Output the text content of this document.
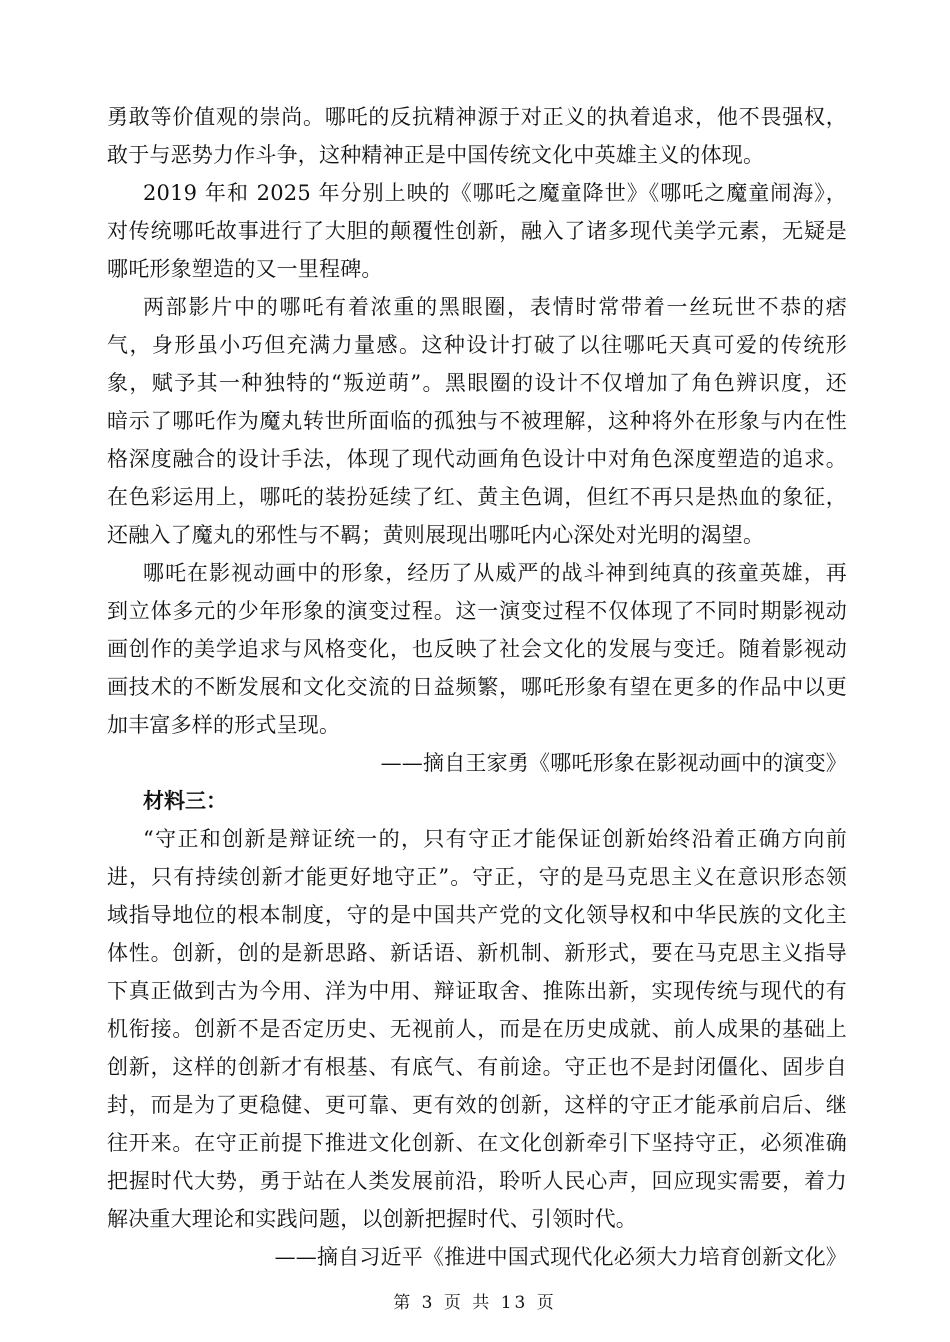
勇敢等价值观的崇尚。哪吒的反抗精神源于对正义的执着追求，他不畏强权，
敢于与恶势力作斗争，这种精神正是中国传统文化中英雄主义的体现。
2019 年和 2025 年分别上映的《哪吒之魔童降世》《哪吒之魔童闹海》，
对传统哪吒故事进行了大胆的颠覆性创新，融入了诸多现代美学元素，无疑是
哪吒形象塑造的又一里程碑。
两部影片中的哪吒有着浓重的黑眼圈，表情时常带着一丝玩世不恭的痞
气，身形虽小巧但充满力量感。这种设计打破了以往哪吒天真可爱的传统形
象，赋予其一种独特的“叛逆萌”。黑眼圈的设计不仅增加了角色辨识度，还
暗示了哪吒作为魔丸转世所面临的孤独与不被理解，这种将外在形象与内在性
格深度融合的设计手法，体现了现代动画角色设计中对角色深度塑造的追求。
在色彩运用上，哪吒的装扮延续了红、黄主色调，但红不再只是热血的象征，
还融入了魔丸的邪性与不羁；黄则展现出哪吒内心深处对光明的渴望。
哪吒在影视动画中的形象，经历了从威严的战斗神到纯真的孩童英雄，再
到立体多元的少年形象的演变过程。这一演变过程不仅体现了不同时期影视动
画创作的美学追求与风格变化，也反映了社会文化的发展与变迁。随着影视动
画技术的不断发展和文化交流的日益频繁，哪吒形象有望在更多的作品中以更
加丰富多样的形式呈现。
——摘自王家勇《哪吒形象在影视动画中的演变》
材料三：
“守正和创新是辩证统一的，只有守正才能保证创新始终沿着正确方向前
进，只有持续创新才能更好地守正”。守正，守的是马克思主义在意识形态领
域指导地位的根本制度，守的是中国共产党的文化领导权和中华民族的文化主
体性。创新，创的是新思路、新话语、新机制、新形式，要在马克思主义指导
下真正做到古为今用、洋为中用、辩证取舍、推陈出新，实现传统与现代的有
机衔接。创新不是否定历史、无视前人，而是在历史成就、前人成果的基础上
创新，这样的创新才有根基、有底气、有前途。守正也不是封闭僵化、固步自
封，而是为了更稳健、更可靠、更有效的创新，这样的守正才能承前启后、继
往开来。在守正前提下推进文化创新、在文化创新牵引下坚持守正，必须准确
把握时代大势，勇于站在人类发展前沿，聆听人民心声，回应现实需要，着力
解决重大理论和实践问题，以创新把握时代、引领时代。
——摘自习近平《推进中国式现代化必须大力培育创新文化》
第 3 页 共 13 页
